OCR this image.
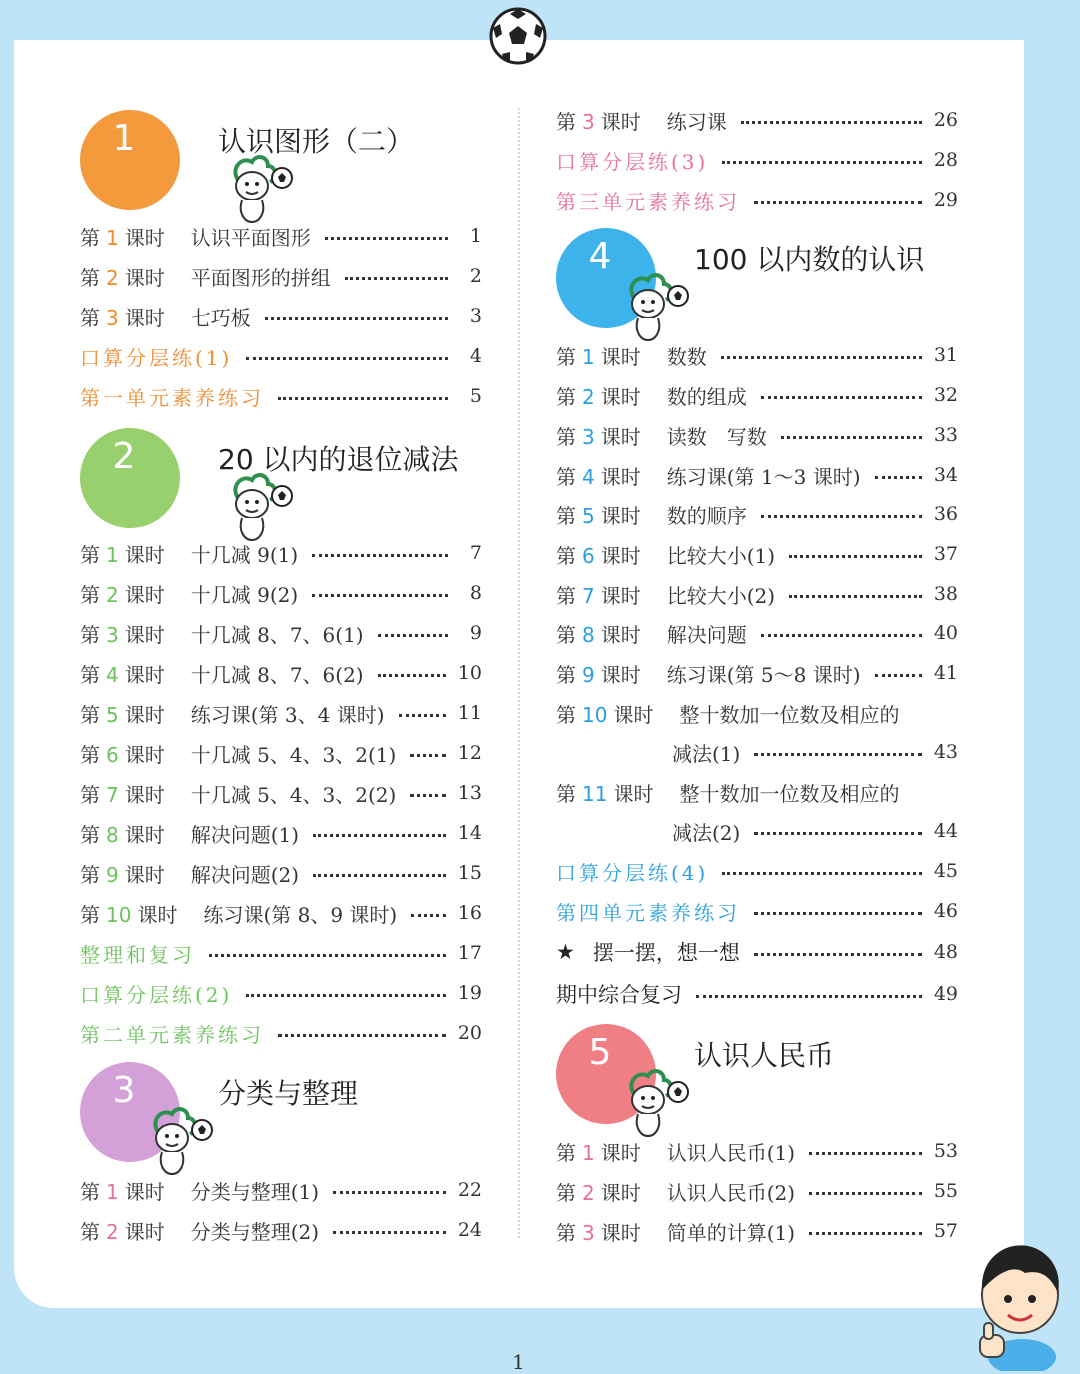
1	认识图形（二）
2	20 以内的退位减法
3	分类与整理
4	100 以内数的认识
5	认识人民币
第 1 课时 认识平面图形	1
第 2 课时 平面图形的拼组	2
第 3 课时 七巧板	3
口算分层练(1)	4
第一单元素养练习	5
第 1 课时 十几减 9(1)	7
第 2 课时 十几减 9(2)	8
第 3 课时 十几减 8、7、6(1)	9
第 4 课时 十几减 8、7、6(2)	10
第 5 课时 练习课(第 3、4 课时)	11
第 6 课时 十几减 5、4、3、2(1)	12
第 7 课时 十几减 5、4、3、2(2)	13
第 8 课时 解决问题(1)	14
第 9 课时 解决问题(2)	15
第 10 课时 练习课(第 8、9 课时)	16
整理和复习	17
口算分层练(2)	19
第二单元素养练习	20
第 1 课时 分类与整理(1)	22
第 2 课时 分类与整理(2)	24
第 3 课时 练习课	26
口算分层练(3)	28
第三单元素养练习	29
第 1 课时 数数	31
第 2 课时 数的组成	32
第 3 课时 读数　写数	33
第 4 课时 练习课(第 1～3 课时)	34
第 5 课时 数的顺序	36
第 6 课时 比较大小(1)	37
第 7 课时 比较大小(2)	38
第 8 课时 解决问题	40
第 9 课时 练习课(第 5～8 课时)	41
第 10 课时 整十数加一位数及相应的
减法(1)	43
第 11 课时 整十数加一位数及相应的
减法(2)	44
口算分层练(4)	45
第四单元素养练习	46
★ 摆一摆，想一想	48
期中综合复习	49
第 1 课时 认识人民币(1)	53
第 2 课时 认识人民币(2)	55
第 3 课时 简单的计算(1)	57
1
